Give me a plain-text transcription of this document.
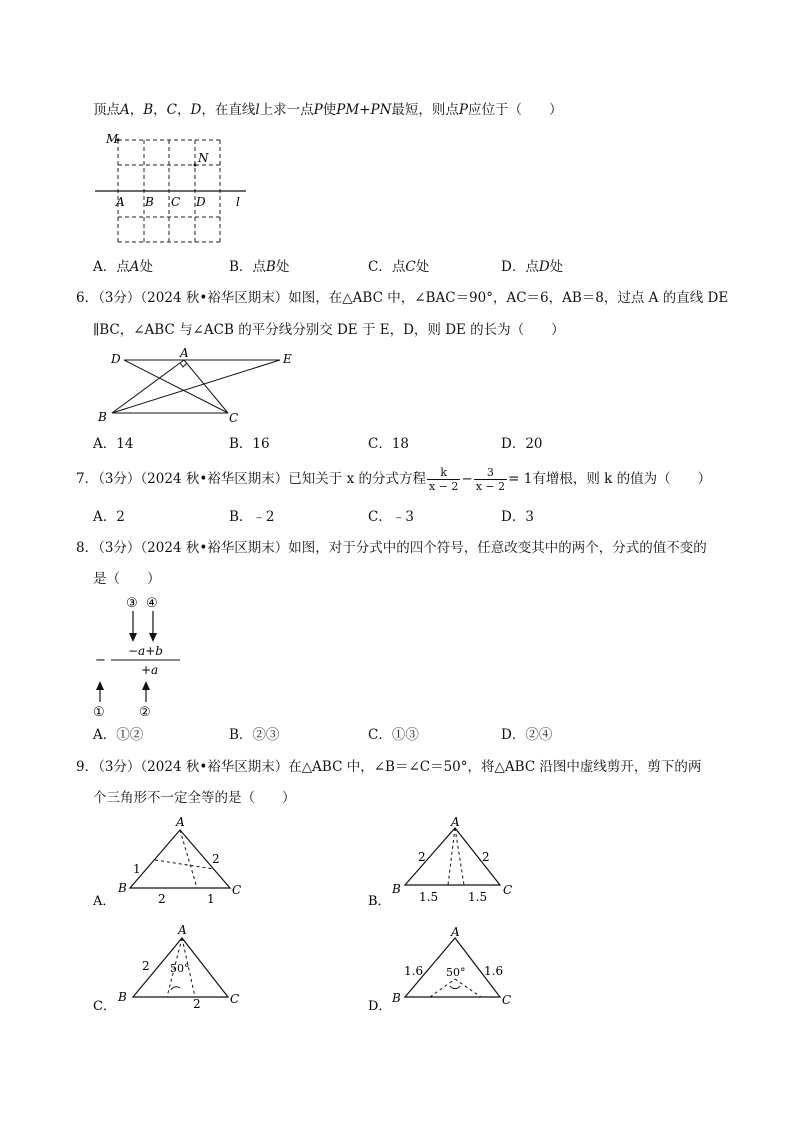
顶点A，B，C，D，在直线l上求一点P使PM+PN最短，则点P应位于（　　）
M
N
A B C D	l
A．点A处	B．点B处	C．点C处	D．点D处
6．（3分）（2024 秋•裕华区期末）如图，在△ABC 中，∠BAC＝90°，AC＝6，AB＝8，过点 A 的直线 DE
∥BC，∠ABC 与∠ACB 的平分线分别交 DE 于 E，D，则 DE 的长为（　　）
D	A	E
B	C
A．14	B．16	C．18	D．20
7．（3分）（2024 秋•裕华区期末）已知关于 x 的分式方程 $\frac{k}{x - 2} - \frac{3}{x - 2} = 1$有增根，则 k 的值为（　　）
A．2	B．﹣2	C．﹣3	D．3
8．（3分）（2024 秋•裕华区期末）如图，对于分式中的四个符号，任意改变其中的两个，分式的值不变的
是（　　）
③ ④
−a+b
−
+a
①	②
A．①②	B．②③	C．①③	D．②④
9．（3分）（2024 秋•裕华区期末）在△ABC 中，∠B＝∠C＝50°，将△ABC 沿图中虚线剪开，剪下的两
个三角形不一定全等的是（　　）
A
B	C
1
2
2	1
A．
A
B	C
2	2
1.5 1.5
B．
A
B	C
2 50°
2
C．
A
B	C
1.6	1.6
50°
D．
